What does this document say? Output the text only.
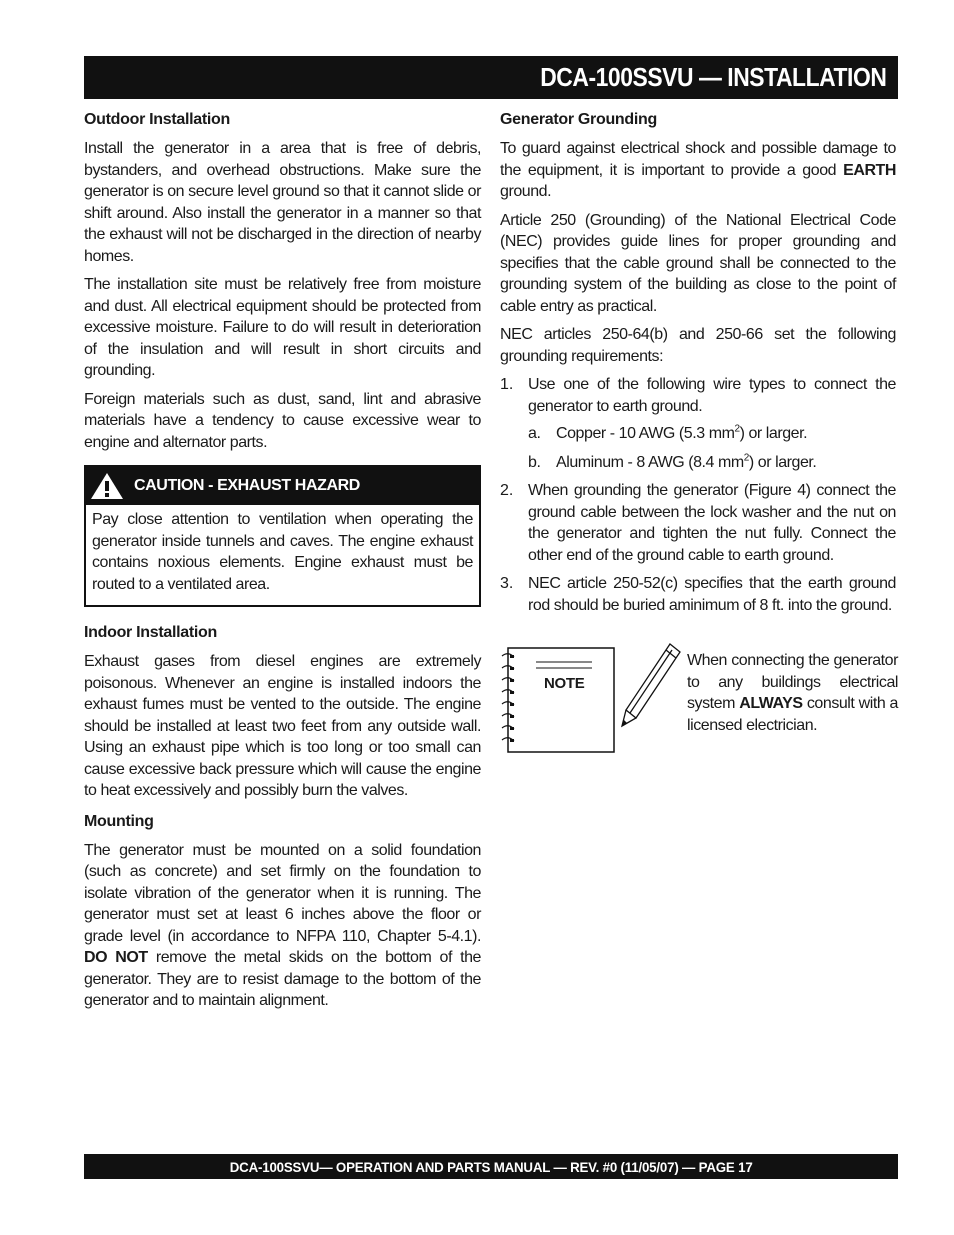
DCA-100SSVU — INSTALLATION
Outdoor Installation

Install the generator in a area that is free of debris, bystanders, and overhead obstructions. Make sure the generator is on secure level ground so that it cannot slide or shift around. Also install the generator in a manner so that the exhaust will not be discharged in the direction of nearby homes.

The installation site must be relatively free from moisture and dust. All electrical equipment should be protected from excessive moisture. Failure to do will result in deterioration of the insulation and will result in short circuits and grounding.

Foreign materials such as dust, sand, lint and abrasive materials have a tendency to cause excessive wear to engine and alternator parts.

CAUTION - EXHAUST HAZARD

Pay close attention to ventilation when operating the generator inside tunnels and caves. The engine exhaust contains noxious elements. Engine exhaust must be routed to a ventilated area.

Indoor Installation

Exhaust gases from diesel engines are extremely poisonous. Whenever an engine is installed indoors the exhaust fumes must be vented to the outside. The engine should be installed at least two feet from any outside wall. Using an exhaust pipe which is too long or too small can cause excessive back pressure which will cause the engine to heat excessively and possibly burn the valves.

Mounting

The generator must be mounted on a solid foundation (such as concrete) and set firmly on the foundation to isolate vibration of the generator when it is running. The generator must set at least 6 inches above the floor or grade level (in accordance to NFPA 110, Chapter 5-4.1). DO NOT remove the metal skids on the bottom of the generator. They are to resist damage to the bottom of the generator and to maintain alignment.

Generator Grounding

To guard against electrical shock and possible damage to the equipment, it is important to provide a good EARTH ground.

Article 250 (Grounding) of the National Electrical Code (NEC) provides guide lines for proper grounding and specifies that the cable ground shall be connected to the grounding system of the building as close to the point of cable entry as practical.

NEC articles 250-64(b) and 250-66 set the following grounding requirements:

1. Use one of the following wire types to connect the generator to earth ground.

a. Copper - 10 AWG (5.3 $mm^2$) or larger.
b. Aluminum - 8 AWG (8.4 $mm^2$) or larger.
2. When grounding the generator (Figure 4) connect the ground cable between the lock washer and the nut on the generator and tighten the nut fully. Connect the other end of the ground cable to earth ground.

3. NEC article 250-52(c) specifies that the earth ground rod should be buried aminimum of 8 ft. into the ground.

NOTE

When connecting the generator to any buildings electrical system ALWAYS consult with a licensed electrician.

DCA-100SSVU— OPERATION AND PARTS MANUAL — REV. #0 (11/05/07) — PAGE 17
